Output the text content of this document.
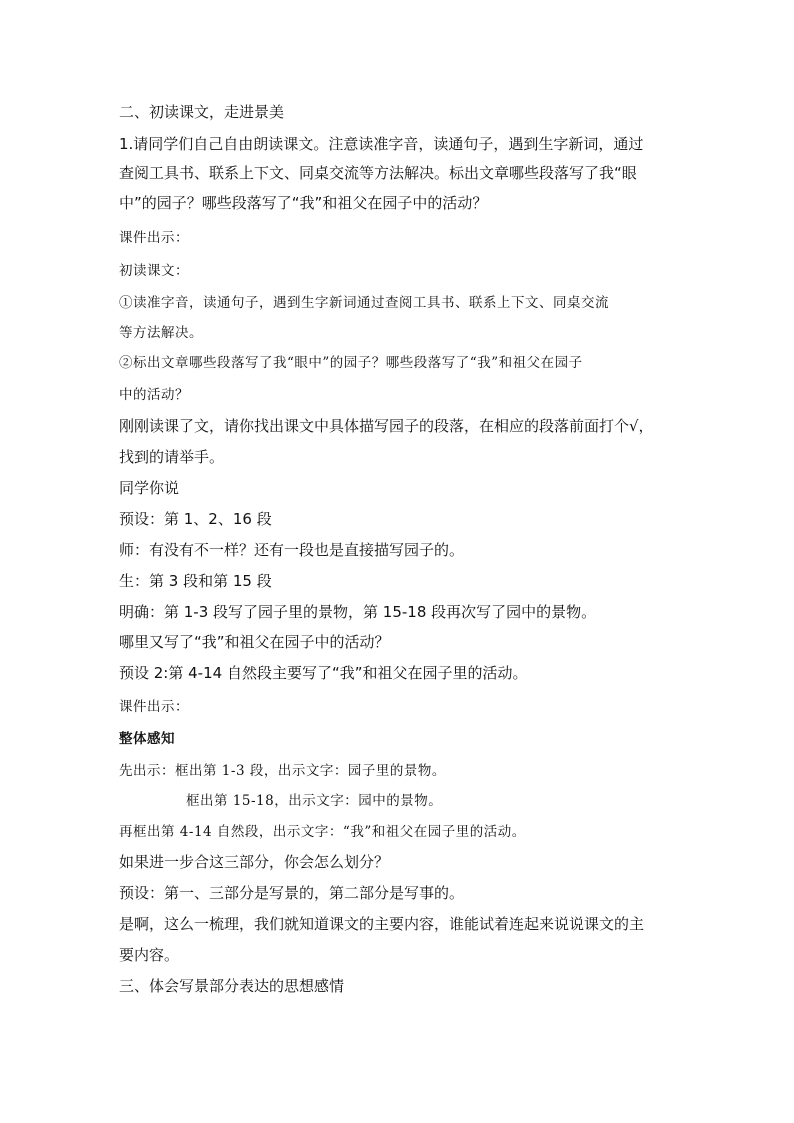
二、初读课文，走进景美
1.请同学们自己自由朗读课文。注意读准字音，读通句子，遇到生字新词，通过
查阅工具书、联系上下文、同桌交流等方法解决。标出文章哪些段落写了我“眼
中”的园子？哪些段落写了“我”和祖父在园子中的活动？
课件出示：
初读课文：
①读准字音，读通句子，遇到生字新词通过查阅工具书、联系上下文、同桌交流
等方法解决。
②标出文章哪些段落写了我“眼中”的园子？哪些段落写了“我”和祖父在园子
中的活动？
刚刚读课了文，请你找出课文中具体描写园子的段落，在相应的段落前面打个√，
找到的请举手。
同学你说
预设：第 1、2、16 段
师：有没有不一样？还有一段也是直接描写园子的。
生：第 3 段和第 15 段
明确：第 1-3 段写了园子里的景物，第 15-18 段再次写了园中的景物。
哪里又写了“我”和祖父在园子中的活动？
预设 2:第 4-14 自然段主要写了“我”和祖父在园子里的活动。
课件出示：
整体感知
先出示：框出第 1-3 段，出示文字：园子里的景物。
框出第 15-18，出示文字：园中的景物。
再框出第 4-14 自然段，出示文字：“我”和祖父在园子里的活动。
如果进一步合这三部分，你会怎么划分？
预设：第一、三部分是写景的，第二部分是写事的。
是啊，这么一梳理，我们就知道课文的主要内容，谁能试着连起来说说课文的主
要内容。
三、体会写景部分表达的思想感情
